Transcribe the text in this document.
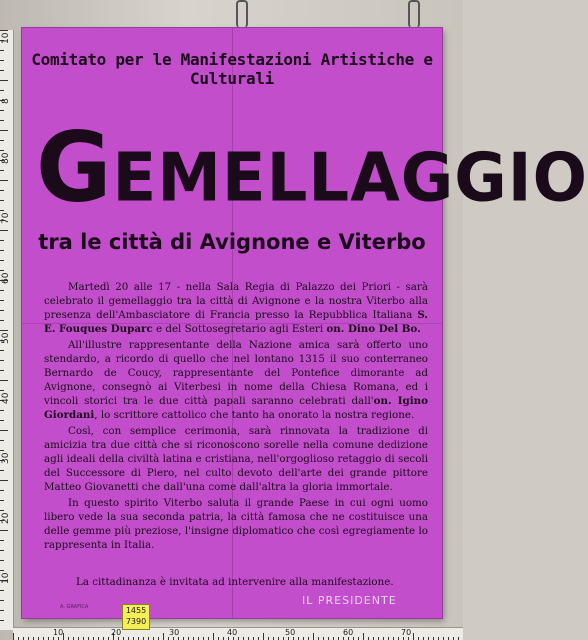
10
8
80
70
60
50
40
30
20
10
10	20	30	40	50	60	70
Comitato per le Manifestazioni Artistiche e Culturali
GEMELLAGGIO
tra le città di Avignone e Viterbo

Martedì 20 alle 17 - nella Sala Regia di Palazzo dei Priori - sarà celebrato il gemellaggio tra la città di Avignone e la nostra Viterbo alla presenza dell'Ambasciatore di Francia presso la Repubblica Italiana S. E. Fouques Duparc e del Sottosegretario agli Esteri on. Dino Del Bo.

All'illustre rappresentante della Nazione amica sarà offerto uno stendardo, a ricordo di quello che nel lontano 1315 il suo conterraneo Bernardo de Coucy, rappresentante del Pontefice dimorante ad Avignone, consegnò ai Viterbesi in nome della Chiesa Romana, ed i vincoli storici tra le due città papali saranno celebrati dall'on. Igino Giordani, lo scrittore cattolico che tanto ha onorato la nostra regione.

Così, con semplice cerimonia, sarà rinnovata la tradizione di amicizia tra due città che si riconoscono sorelle nella comune dedizione agli ideali della civiltà latina e cristiana, nell'orgoglioso retaggio di secoli del Successore di Piero, nel culto devoto dell'arte dei grande pittore Matteo Giovanetti che dall'una come dall'altra la gloria immortale.

In questo spirito Viterbo saluta il grande Paese in cui ogni uomo libero vede la sua seconda patria, la città famosa che ne costituisce una delle gemme più preziose, l'insigne diplomatico che così egregiamente lo rappresenta in Italia.

La cittadinanza è invitata ad intervenire alla manifestazione.
IL PRESIDENTE
A. GRAFICA	1455
7390
